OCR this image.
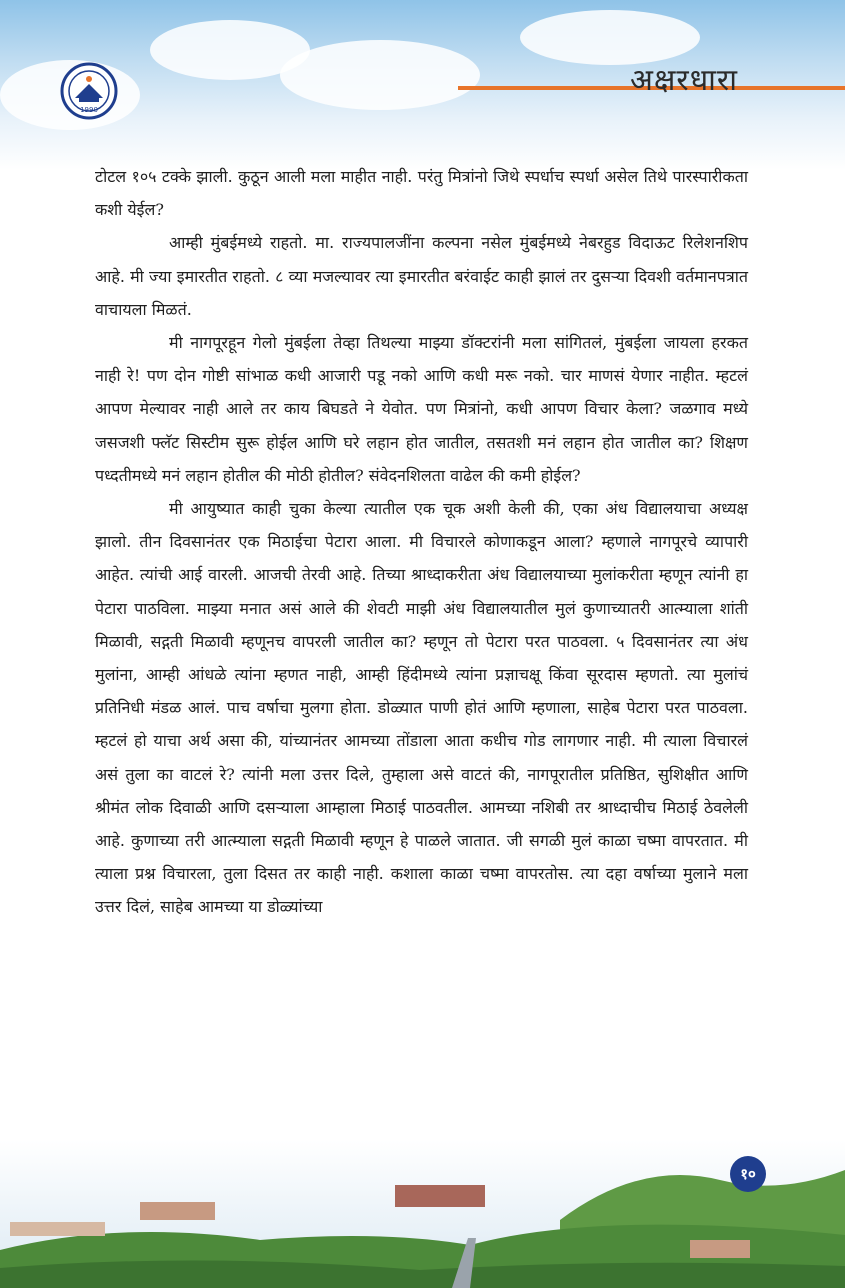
1990
अक्षरधारा

टोटल १०५ टक्के झाली. कुठून आली मला माहीत नाही. परंतु मित्रांनो जिथे स्पर्धाच स्पर्धा असेल तिथे पारस्पारीकता कशी येईल?

आम्ही मुंबईमध्ये राहतो. मा. राज्यपालजींना कल्पना नसेल मुंबईमध्ये नेबरहुड विदाऊट रिलेशनशिप आहे. मी ज्या इमारतीत राहतो. ८ व्या मजल्यावर त्या इमारतीत बरंवाईट काही झालं तर दुसऱ्या दिवशी वर्तमानपत्रात वाचायला मिळतं.

मी नागपूरहून गेलो मुंबईला तेव्हा तिथल्या माझ्या डॉक्टरांनी मला सांगितलं, मुंबईला जायला हरकत नाही रे! पण दोन गोष्टी सांभाळ कधी आजारी पडू नको आणि कधी मरू नको. चार माणसं येणार नाहीत. म्हटलं आपण मेल्यावर नाही आले तर काय बिघडते ने येवोत. पण मित्रांनो, कधी आपण विचार केला? जळगाव मध्ये जसजशी फ्लॅट सिस्टीम सुरू होईल आणि घरे लहान होत जातील, तसतशी मनं लहान होत जातील का? शिक्षण पध्दतीमध्ये मनं लहान होतील की मोठी होतील? संवेदनशिलता वाढेल की कमी होईल?

मी आयुष्यात काही चुका केल्या त्यातील एक चूक अशी केली की, एका अंध विद्यालयाचा अध्यक्ष झालो. तीन दिवसानंतर एक मिठाईचा पेटारा आला. मी विचारले कोणाकडून आला? म्हणाले नागपूरचे व्यापारी आहेत. त्यांची आई वारली. आजची तेरवी आहे. तिच्या श्राध्दाकरीता अंध विद्यालयाच्या मुलांकरीता म्हणून त्यांनी हा पेटारा पाठविला. माझ्या मनात असं आले की शेवटी माझी अंध विद्यालयातील मुलं कुणाच्यातरी आत्म्याला शांती मिळावी, सद्गती मिळावी म्हणूनच वापरली जातील का? म्हणून तो पेटारा परत पाठवला. ५ दिवसानंतर त्या अंध मुलांना, आम्ही आंधळे त्यांना म्हणत नाही, आम्ही हिंदीमध्ये त्यांना प्रज्ञाचक्षू किंवा सूरदास म्हणतो. त्या मुलांचं प्रतिनिधी मंडळ आलं. पाच वर्षाचा मुलगा होता. डोळ्यात पाणी होतं आणि म्हणाला, साहेब पेटारा परत पाठवला. म्हटलं हो याचा अर्थ असा की, यांच्यानंतर आमच्या तोंडाला आता कधीच गोड लागणार नाही. मी त्याला विचारलं असं तुला का वाटलं रे? त्यांनी मला उत्तर दिले, तुम्हाला असे वाटतं की, नागपूरातील प्रतिष्ठित, सुशिक्षीत आणि श्रीमंत लोक दिवाळी आणि दसऱ्याला आम्हाला मिठाई पाठवतील. आमच्या नशिबी तर श्राध्दाचीच मिठाई ठेवलेली आहे. कुणाच्या तरी आत्म्याला सद्गती मिळावी म्हणून हे पाळले जातात. जी सगळी मुलं काळा चष्मा वापरतात. मी त्याला प्रश्न विचारला, तुला दिसत तर काही नाही. कशाला काळा चष्मा वापरतोस. त्या दहा वर्षाच्या मुलाने मला उत्तर दिलं, साहेब आमच्या या डोळ्यांच्या

१०
